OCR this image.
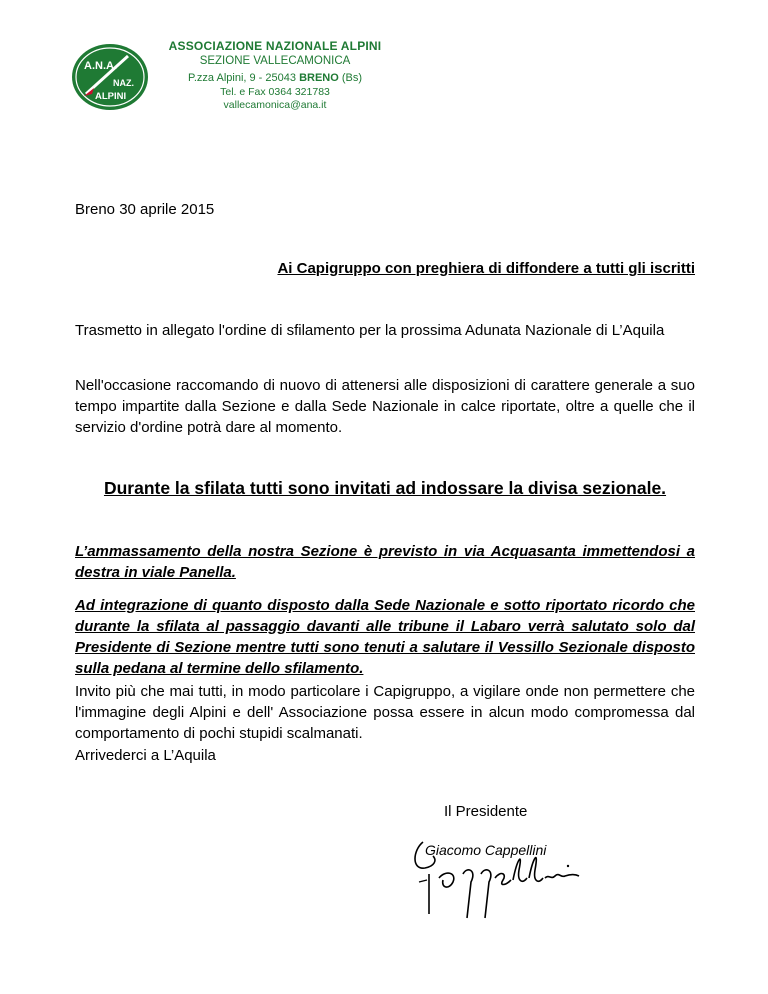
A.N.A.
NAZ.
ALPINI
ASSOCIAZIONE NAZIONALE ALPINI
SEZIONE VALLECAMONICA
P.zza Alpini, 9 - 25043 BRENO (Bs)
Tel. e Fax 0364 321783
vallecamonica@ana.it
Breno 30 aprile 2015
Ai Capigruppo con preghiera di diffondere a tutti gli iscritti
Trasmetto in allegato l'ordine di sfilamento per la prossima Adunata Nazionale di L’Aquila
Nell'occasione raccomando di nuovo di attenersi alle disposizioni di carattere generale a suo tempo impartite dalla Sezione e dalla Sede Nazionale in calce riportate, oltre a quelle che il servizio d'ordine potrà dare al momento.
Durante la sfilata tutti sono invitati ad indossare la divisa sezionale.
L’ammassamento della nostra Sezione è previsto in via Acquasanta immettendosi a destra in viale Panella.
Ad integrazione di quanto disposto dalla Sede Nazionale e sotto riportato ricordo che durante la sfilata al passaggio davanti alle tribune il Labaro verrà salutato solo dal Presidente di Sezione mentre tutti sono tenuti a salutare il Vessillo Sezionale disposto sulla pedana al termine dello sfilamento.
Invito più che mai tutti, in modo particolare i Capigruppo, a vigilare onde non permettere che l'immagine degli Alpini e dell' Associazione possa essere in alcun modo compromessa dal comportamento di pochi stupidi scalmanati.
Arrivederci a L’Aquila
Il Presidente
Giacomo Cappellini
